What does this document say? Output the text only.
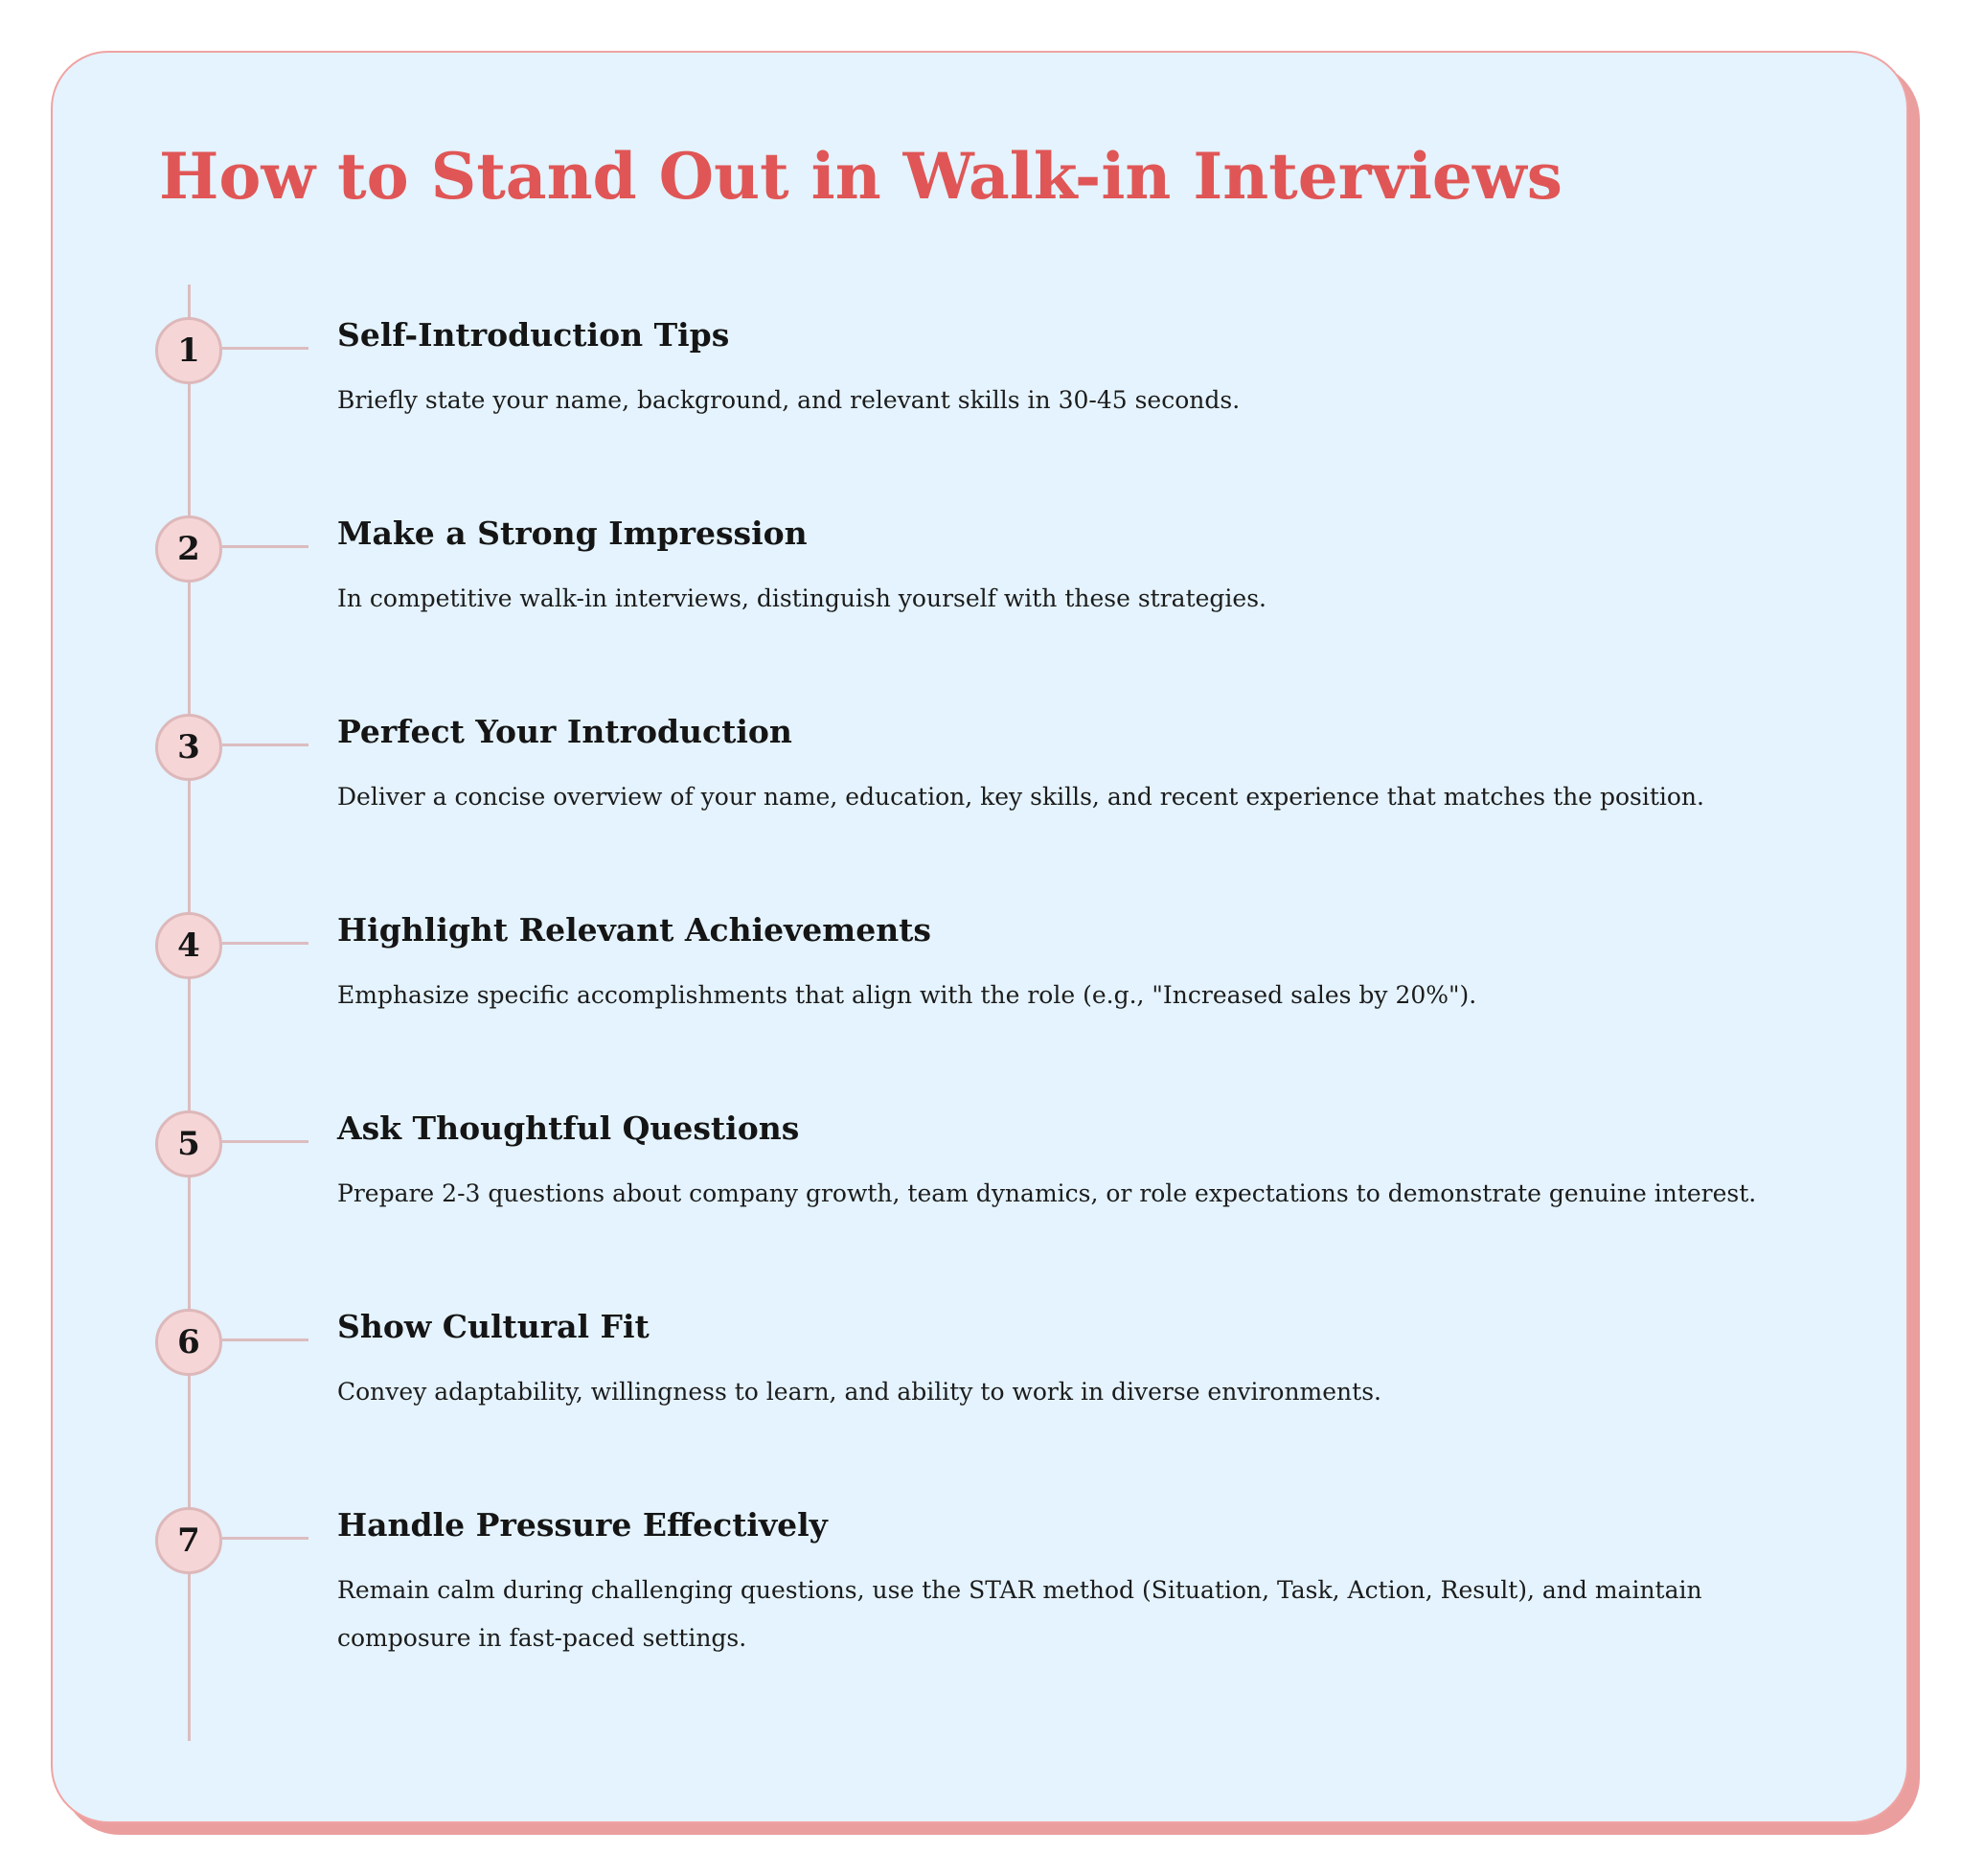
How to Stand Out in Walk-in Interviews
1	Self-Introduction Tips

Briefly state your name, background, and relevant skills in 30-45 seconds.

2	Make a Strong Impression

In competitive walk-in interviews, distinguish yourself with these strategies.

3	Perfect Your Introduction

Deliver a concise overview of your name, education, key skills, and recent experience that matches the position.

4	Highlight Relevant Achievements

Emphasize specific accomplishments that align with the role (e.g., "Increased sales by 20%").

5	Ask Thoughtful Questions

Prepare 2-3 questions about company growth, team dynamics, or role expectations to demonstrate genuine interest.

6	Show Cultural Fit

Convey adaptability, willingness to learn, and ability to work in diverse environments.

7	Handle Pressure Effectively

Remain calm during challenging questions, use the STAR method (Situation, Task, Action, Result), and maintain composure in fast-paced settings.
